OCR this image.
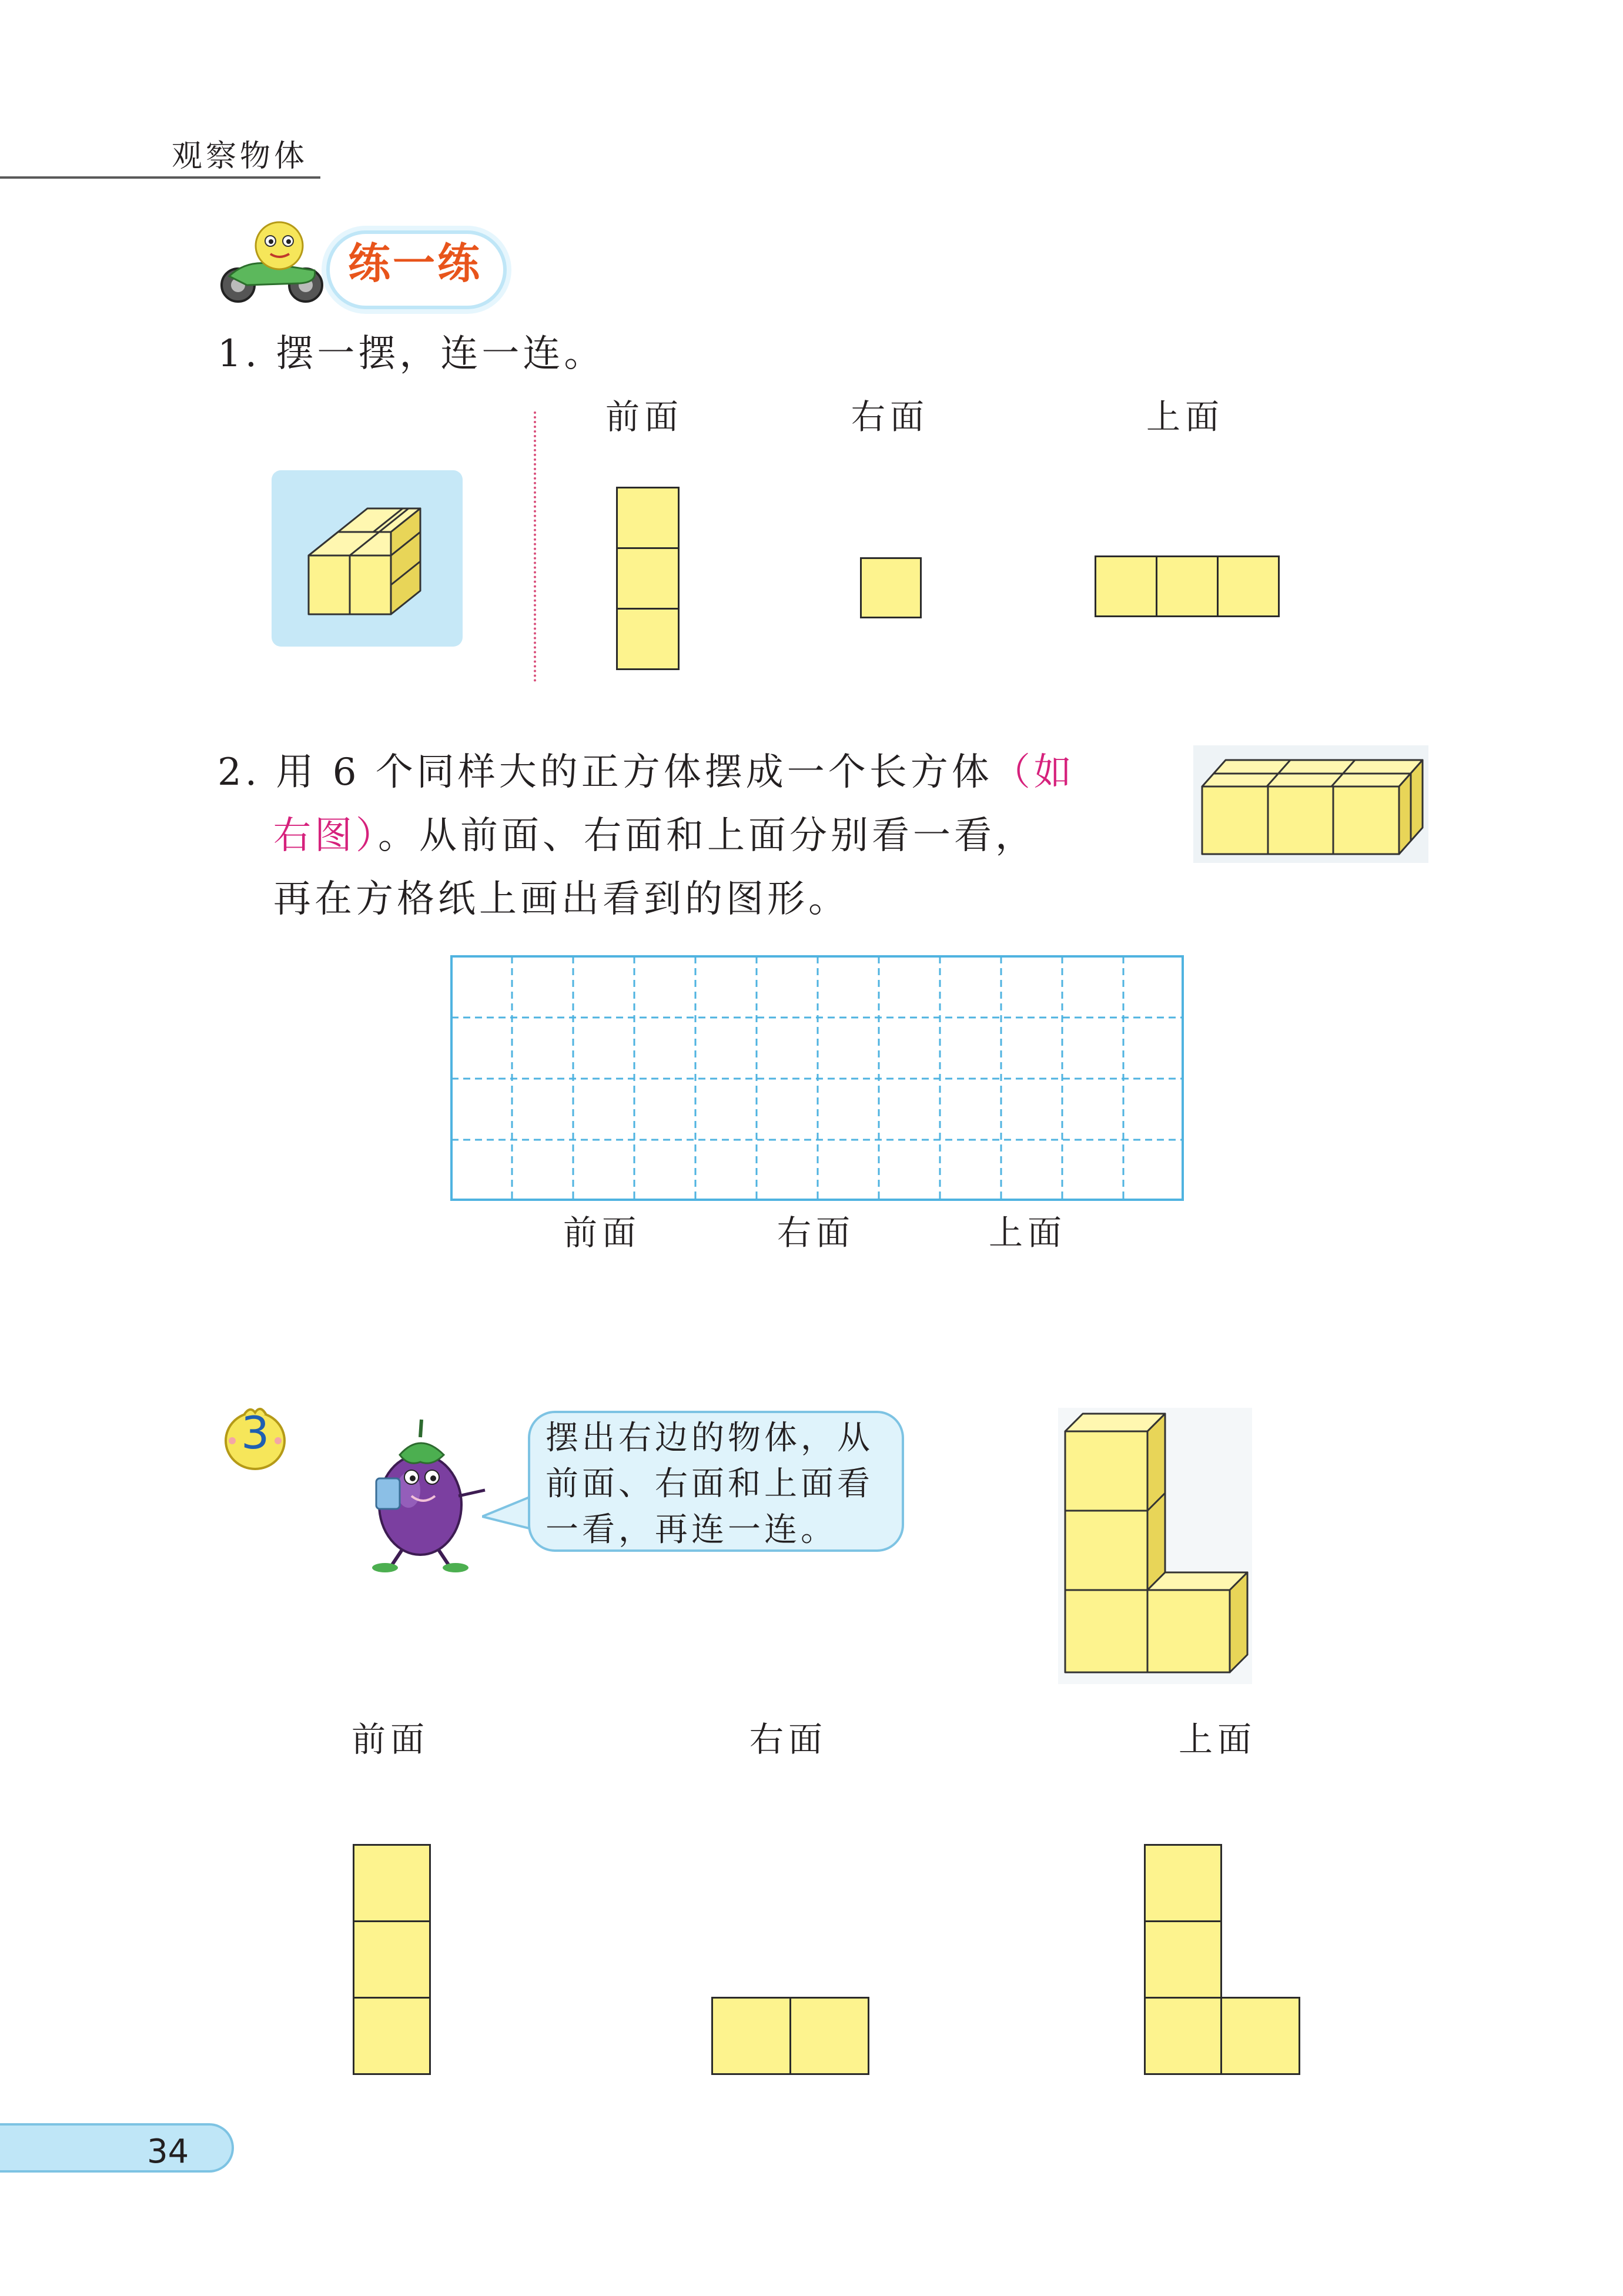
观察物体
练一练
1. 摆一摆，连一连。
前面	右面	上面
2. 用 6 个同样大的正方体摆成一个长方体（如
右图）。从前面、右面和上面分别看一看，
再在方格纸上画出看到的图形。
前面	右面	上面
3	摆出右边的物体，从
前面、右面和上面看
一看，再连一连。
前面	右面	上面
34
